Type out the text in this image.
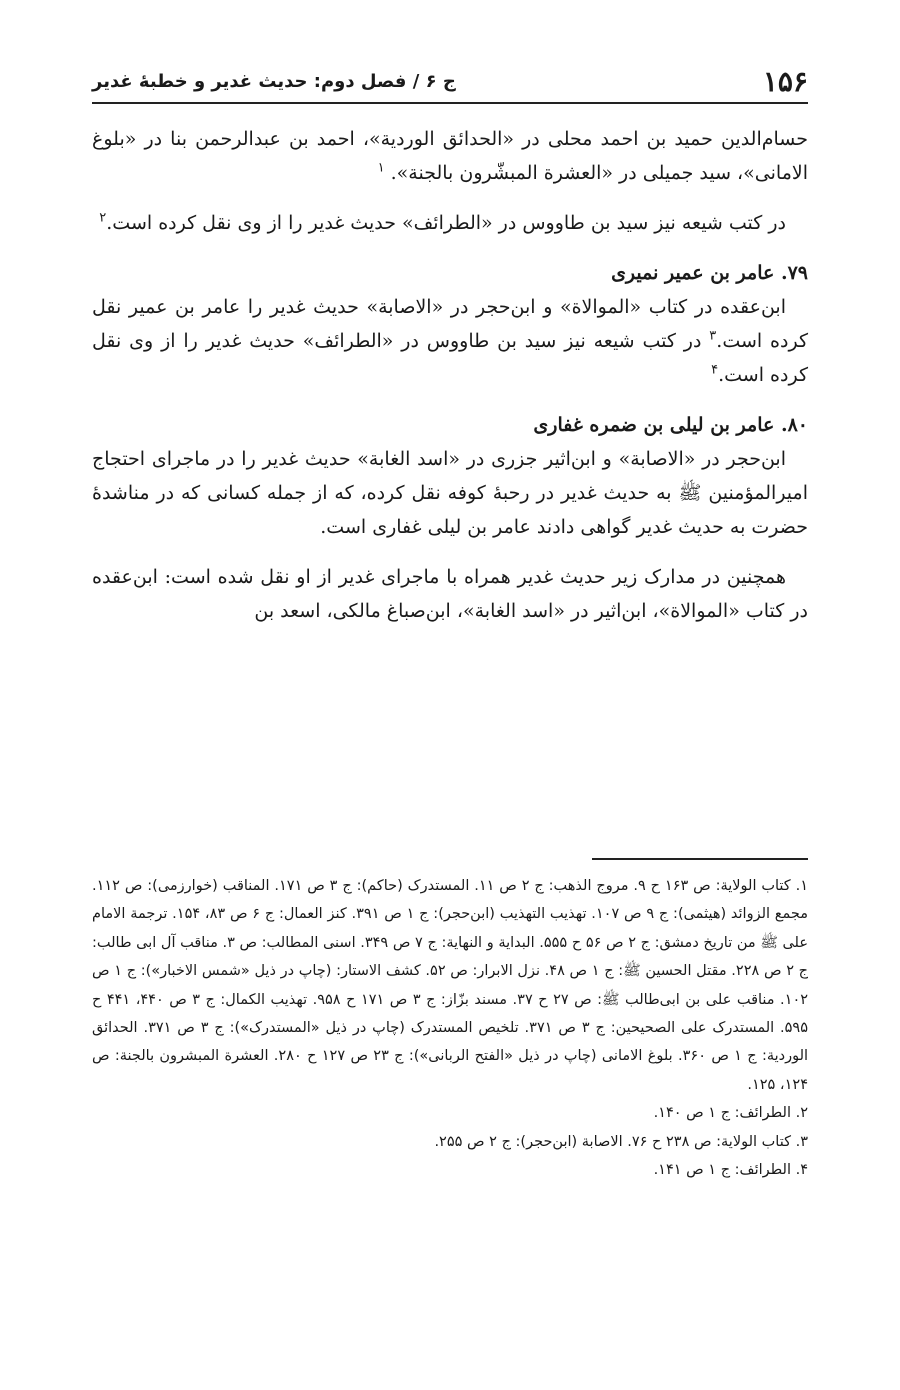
۱۵۶
ج ۶ / فصل دوم: حدیث غدیر و خطبهٔ غدیر

حسام‌الدین حمید بن احمد محلی در «الحدائق الوردیة»، احمد بن عبدالرحمن بنا در «بلوغ الامانی»، سید جمیلی در «العشرة المبشّرون بالجنة». $^۱$

در کتب شیعه نیز سید بن طاووس در «الطرائف» حدیث غدیر را از وی نقل کرده است.$^۲$

۷۹. عامر بن عمیر نمیری

ابن‌عقده در کتاب «الموالاة» و ابن‌حجر در «الاصابة» حدیث غدیر را عامر بن عمیر نقل کرده است.$^۳$ در کتب شیعه نیز سید بن طاووس در «الطرائف» حدیث غدیر را از وی نقل کرده است.$^۴$

۸۰. عامر بن لیلی بن ضمره غفاری

ابن‌حجر در «الاصابة» و ابن‌اثیر جزری در «اسد الغابة» حدیث غدیر را در ماجرای احتجاج امیرالمؤمنین ﷺ به حدیث غدیر در رحبهٔ کوفه نقل کرده، که از جمله کسانی که در مناشدهٔ حضرت به حدیث غدیر گواهی دادند عامر بن لیلی غفاری است.

همچنین در مدارک زیر حدیث غدیر همراه با ماجرای غدیر از او نقل شده است: ابن‌عقده در کتاب «الموالاة»، ابن‌اثیر در «اسد الغابة»، ابن‌صباغ مالکی، اسعد بن

۱. کتاب الولایة: ص ۱۶۳ ح ۹. مروج الذهب: ج ۲ ص ۱۱. المستدرک (حاکم): ج ۳ ص ۱۷۱. المناقب (خوارزمی): ص ۱۱۲. مجمع الزوائد (هیثمی): ج ۹ ص ۱۰۷. تهذیب التهذیب (ابن‌حجر): ج ۱ ص ۳۹۱. کنز العمال: ج ۶ ص ۸۳، ۱۵۴. ترجمة الامام علی ﷺ من تاریخ دمشق: ج ۲ ص ۵۶ ح ۵۵۵. البدایة و النهایة: ج ۷ ص ۳۴۹. اسنی المطالب: ص ۳. مناقب آل ابی طالب: ج ۲ ص ۲۲۸. مقتل الحسین ﷺ: ج ۱ ص ۴۸. نزل الابرار: ص ۵۲. کشف الاستار: (چاپ در ذیل «شمس الاخبار»): ج ۱ ص ۱۰۲. مناقب علی بن ابی‌طالب ﷺ: ص ۲۷ ح ۳۷. مسند بزّاز: ج ۳ ص ۱۷۱ ح ۹۵۸. تهذیب الکمال: ج ۳ ص ۴۴۰، ۴۴۱ ح ۵۹۵. المستدرک علی الصحیحین: ج ۳ ص ۳۷۱. تلخیص المستدرک (چاپ در ذیل «المستدرک»): ج ۳ ص ۳۷۱. الحدائق الوردیة: ج ۱ ص ۳۶۰. بلوغ الامانی (چاپ در ذیل «الفتح الربانی»): ج ۲۳ ص ۱۲۷ ح ۲۸۰. العشرة المبشرون بالجنة: ص ۱۲۴، ۱۲۵.

۲. الطرائف: ج ۱ ص ۱۴۰.

۳. کتاب الولایة: ص ۲۳۸ ح ۷۶. الاصابة (ابن‌حجر): ج ۲ ص ۲۵۵.

۴. الطرائف: ج ۱ ص ۱۴۱.
